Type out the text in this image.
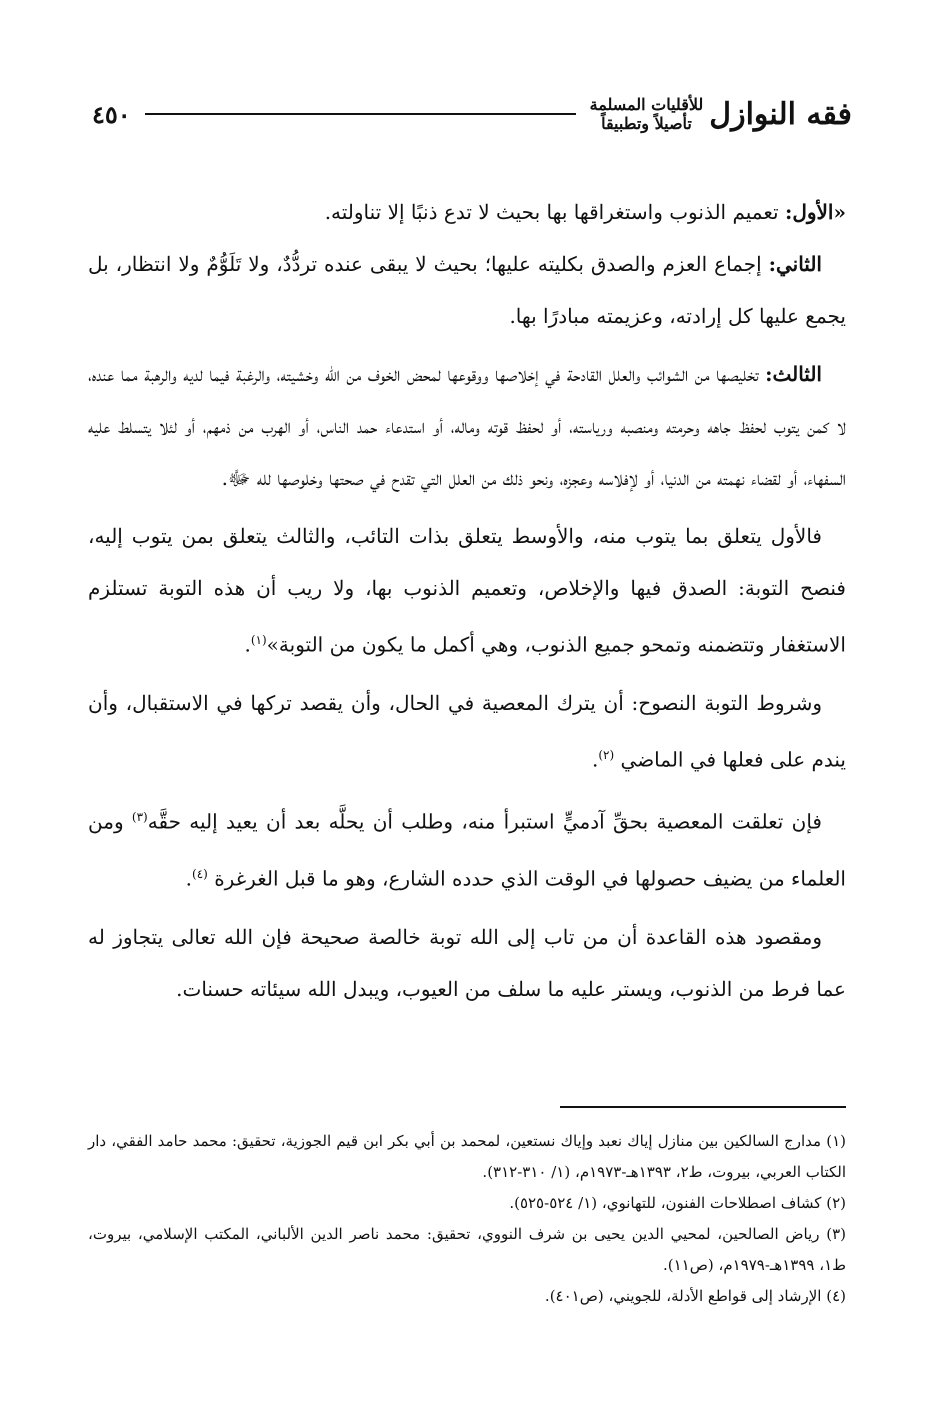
فقه النوازل
للأقليات المسلمة
تأصيلاً وتطبيقاً
٤٥٠

«الأول: تعميم الذنوب واستغراقها بها بحيث لا تدع ذنبًا إلا تناولته.

الثاني: إجماع العزم والصدق بكليته عليها؛ بحيث لا يبقى عنده تردُّدٌ، ولا تَلَوُّمٌ ولا انتظار، بل يجمع عليها كل إرادته، وعزيمته مبادرًا بها.

الثالث: تخليصها من الشوائب والعلل القادحة في إخلاصها ووقوعها لمحض الخوف من الله وخشيته، والرغبة فيما لديه والرهبة مما عنده، لا كمن يتوب لحفظ جاهه وحرمته ومنصبه ورياسته، أو لحفظ قوته وماله، أو استدعاء حمد الناس، أو الهرب من ذمهم، أو لئلا يتسلط عليه السفهاء، أو لقضاء نهمته من الدنيا، أو لإفلاسه وعجزه، ونحو ذلك من العلل التي تقدح في صحتها وخلوصها لله ﷻ.

فالأول يتعلق بما يتوب منه، والأوسط يتعلق بذات التائب، والثالث يتعلق بمن يتوب إليه، فنصح التوبة: الصدق فيها والإخلاص، وتعميم الذنوب بها، ولا ريب أن هذه التوبة تستلزم الاستغفار وتتضمنه وتمحو جميع الذنوب، وهي أكمل ما يكون من التوبة»$^{(١)}$.

وشروط التوبة النصوح: أن يترك المعصية في الحال، وأن يقصد تركها في الاستقبال، وأن يندم على فعلها في الماضي $^{(٢)}$.

فإن تعلقت المعصية بحقِّ آدميٍّ استبرأ منه، وطلب أن يحلَّه بعد أن يعيد إليه حقَّه$^{(٣)}$ ومن العلماء من يضيف حصولها في الوقت الذي حدده الشارع، وهو ما قبل الغرغرة $^{(٤)}$.

ومقصود هذه القاعدة أن من تاب إلى الله توبة خالصة صحيحة فإن الله تعالى يتجاوز له عما فرط من الذنوب، ويستر عليه ما سلف من العيوب، ويبدل الله سيئاته حسنات.

(١) مدارج السالكين بين منازل إياك نعبد وإياك نستعين، لمحمد بن أبي بكر ابن قيم الجوزية، تحقيق: محمد حامد الفقي، دار الكتاب العربي، بيروت، ط٢، ١٣٩٣هـ-١٩٧٣م، (١/ ٣١٠-٣١٢).

(٢) كشاف اصطلاحات الفنون، للتهانوي، (١/ ٥٢٤-٥٢٥).

(٣) رياض الصالحين، لمحيي الدين يحيى بن شرف النووي، تحقيق: محمد ناصر الدين الألباني، المكتب الإسلامي، بيروت، ط١، ١٣٩٩هـ-١٩٧٩م، (ص١١).

(٤) الإرشاد إلى قواطع الأدلة، للجويني، (ص٤٠١).
